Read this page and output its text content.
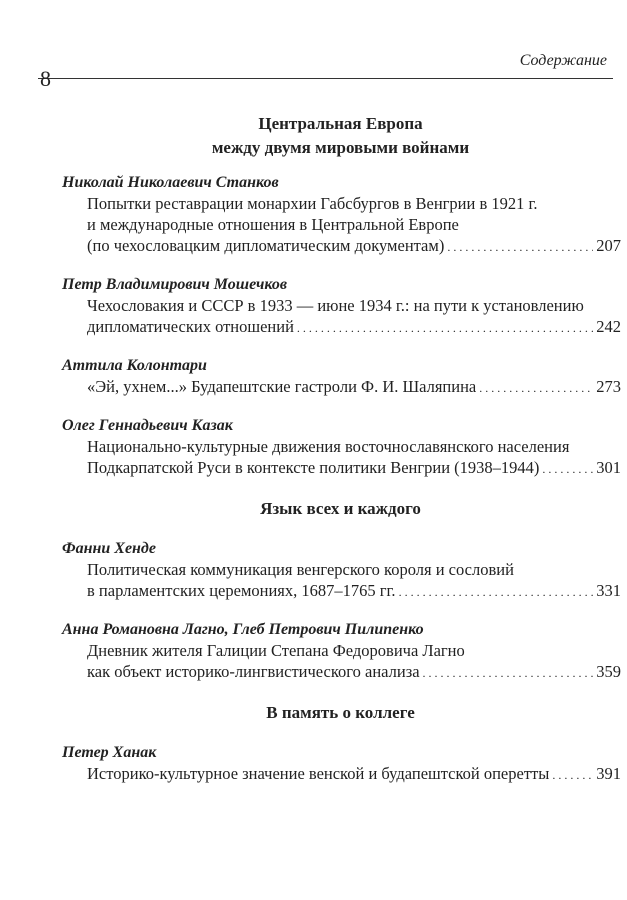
Содержание
8
Центральная Европа
между двумя мировыми войнами
Николай Николаевич Станков
Попытки реставрации монархии Габсбургов в Венгрии в 1921 г.
и международные отношения в Центральной Европе
(по чехословацким дипломатическим документам) . . .	207
Петр Владимирович Мошечков
Чехословакия и СССР в 1933 — июне 1934 г.: на пути к установлению
дипломатических отношений . . .	242
Аттила Колонтари
«Эй, ухнем...» Будапештские гастроли Ф. И. Шаляпина . . .	273
Олег Геннадьевич Казак
Национально-культурные движения восточнославянского населения
Подкарпатской Руси в контексте политики Венгрии (1938–1944) . . .	301
Язык всех и каждого
Фанни Хенде
Политическая коммуникация венгерского короля и сословий
в парламентских церемониях, 1687–1765 гг. . . .	331
Анна Романовна Лагно, Глеб Петрович Пилипенко
Дневник жителя Галиции Степана Федоровича Лагно
как объект историко-лингвистического анализа . . .	359
В память о коллеге
Петер Ханак
Историко-культурное значение венской и будапештской оперетты . . .	391
